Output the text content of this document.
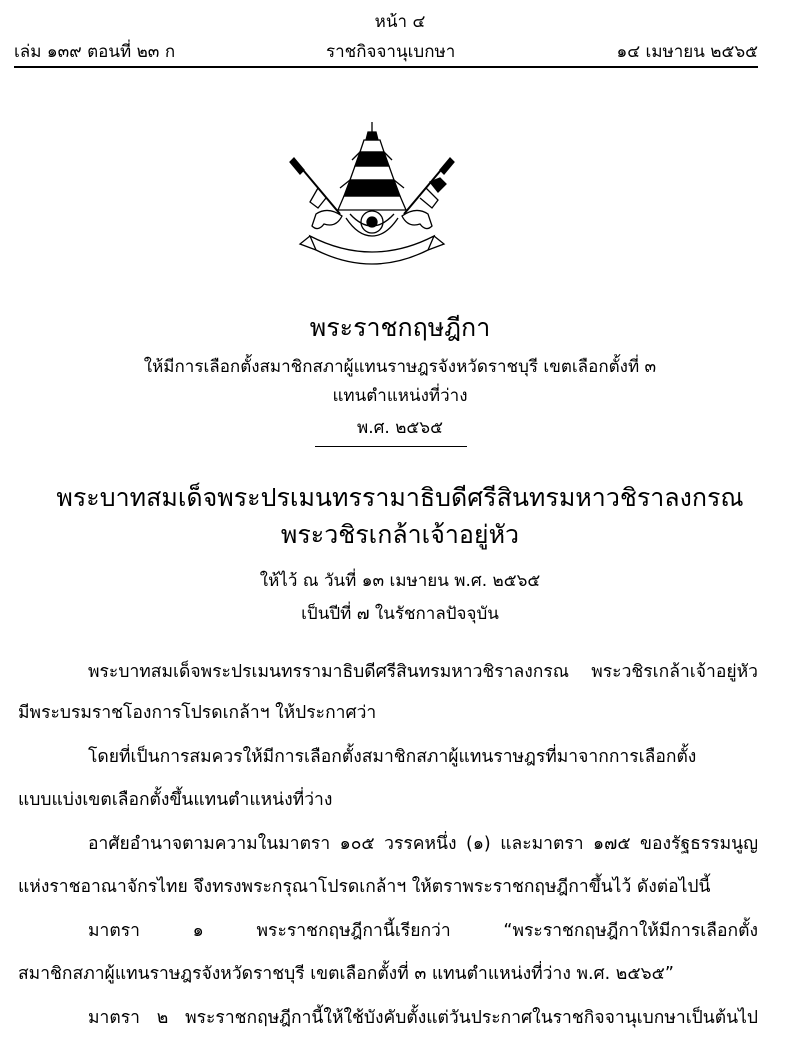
หน้า ๔
เล่ม ๑๓๙ ตอนที่ ๒๓ ก	ราชกิจจานุเบกษา	๑๔ เมษายน ๒๕๖๕
พระราชกฤษฎีกา
ให้มีการเลือกตั้งสมาชิกสภาผู้แทนราษฎรจังหวัดราชบุรี เขตเลือกตั้งที่ ๓
แทนตำแหน่งที่ว่าง
พ.ศ. ๒๕๖๕
พระบาทสมเด็จพระปรเมนทรรามาธิบดีศรีสินทรมหาวชิราลงกรณ
พระวชิรเกล้าเจ้าอยู่หัว
ให้ไว้ ณ วันที่ ๑๓ เมษายน พ.ศ. ๒๕๖๕
เป็นปีที่ ๗ ในรัชกาลปัจจุบัน
พระบาทสมเด็จพระปรเมนทรรามาธิบดีศรีสินทรมหาวชิราลงกรณ พระวชิรเกล้าเจ้าอยู่หัว
มีพระบรมราชโองการโปรดเกล้าฯ ให้ประกาศว่า
โดยที่เป็นการสมควรให้มีการเลือกตั้งสมาชิกสภาผู้แทนราษฎรที่มาจากการเลือกตั้ง
แบบแบ่งเขตเลือกตั้งขึ้นแทนตำแหน่งที่ว่าง
อาศัยอำนาจตามความในมาตรา ๑๐๕ วรรคหนึ่ง (๑) และมาตรา ๑๗๕ ของรัฐธรรมนูญ
แห่งราชอาณาจักรไทย จึงทรงพระกรุณาโปรดเกล้าฯ ให้ตราพระราชกฤษฎีกาขึ้นไว้ ดังต่อไปนี้
มาตรา ๑ พระราชกฤษฎีกานี้เรียกว่า “พระราชกฤษฎีกาให้มีการเลือกตั้ง
สมาชิกสภาผู้แทนราษฎรจังหวัดราชบุรี เขตเลือกตั้งที่ ๓ แทนตำแหน่งที่ว่าง พ.ศ. ๒๕๖๕”
มาตรา ๒ พระราชกฤษฎีกานี้ให้ใช้บังคับตั้งแต่วันประกาศในราชกิจจานุเบกษาเป็นต้นไป
